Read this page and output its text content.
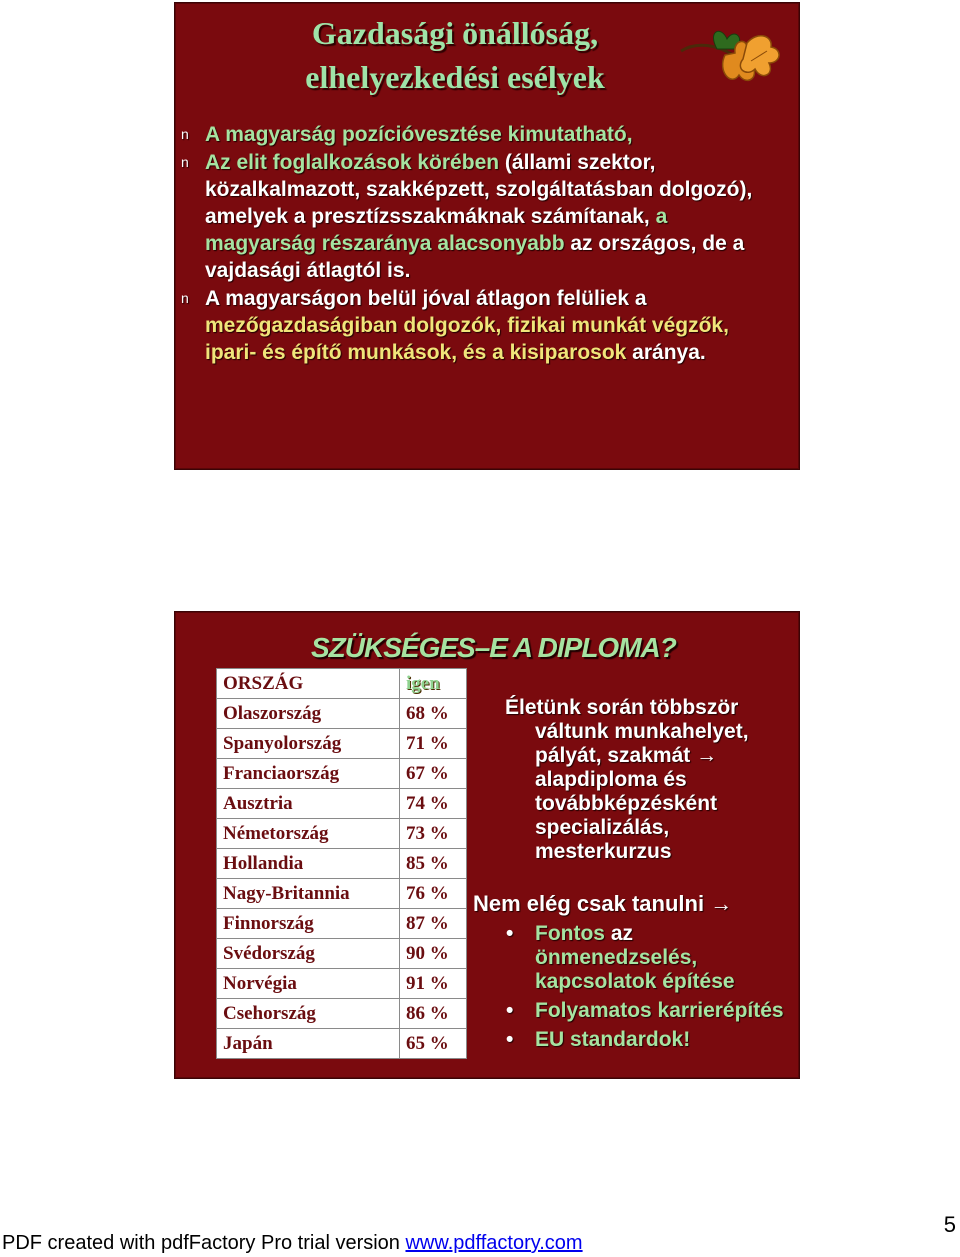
Gazdasági önállóság,
elhelyezkedési esélyek
n A magyarság pozícióvesztése kimutatható,
n Az elit foglalkozások körében (állami szektor, közalkalmazott, szakképzett, szolgáltatásban dolgozó), amelyek a presztízsszakmáknak számítanak, a magyarság részaránya alacsonyabb az országos, de a vajdasági átlagtól is.
n A magyarságon belül jóval átlagon felüliek a mezőgazdaságiban dolgozók, fizikai munkát végzők, ipari- és építő munkások, és a kisiparosok aránya.
SZÜKSÉGES–E A DIPLOMA?
ORSZÁG	igen
Olaszország	68 %
Spanyolország	71 %
Franciaország	67 %
Ausztria	74 %
Németország	73 %
Hollandia	85 %
Nagy-Britannia	76 %
Finnország	87 %
Svédország	90 %
Norvégia	91 %
Csehország	86 %
Japán	65 %
Életünk során többször
váltunk munkahelyet,
pályát, szakmát →
alapdiploma és
továbbképzésként
specializálás,
mesterkurzus
Nem elég csak tanulni →
• Fontos az
önmenedzselés, kapcsolatok építése
• Folyamatos karrierépítés
• EU standardok!
5
PDF created with pdfFactory Pro trial version www.pdffactory.com
